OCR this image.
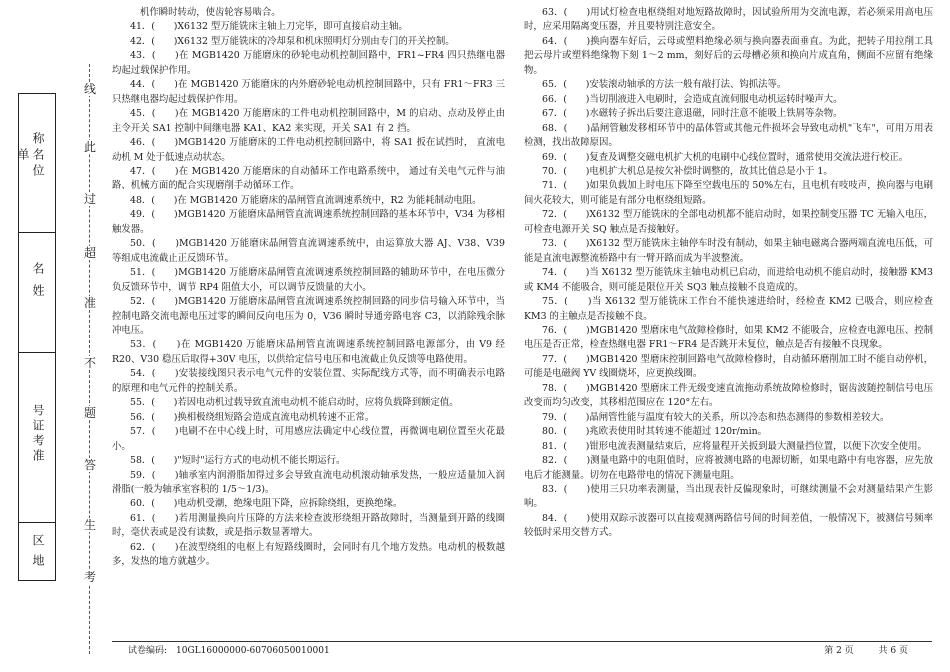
称名位单
名姓
号证考准
区地
线
此
过
超
准
不
题
答
生
考
机作瞬时转动，使齿轮容易啮合。
41．(　　)X6132 型万能铣床主轴上刀完毕，即可直接启动主轴。
42．(　　)X6132 型万能铣床的冷却泵和机床照明灯分别由专门的开关控制。
43．(　　)在 MGB1420 万能磨床的砂轮电动机控制回路中，FR1~FR4 四只热继电器均起过载保护作用。
44．(　　)在 MGB1420 万能磨床的内外磨砂轮电动机控制回路中，只有 FR1～FR3 三只热继电器均起过载保护作用。
45．(　　)在 MGB1420 万能磨床的工件电动机控制回路中，M 的启动、点动及停止由主令开关 SA1 控制中间继电器 KA1、KA2 来实现，开关 SA1 有 2 挡。
46．(　　)MGB1420 万能磨床的工件电动机控制回路中，将 SA1 扳在试挡时， 直流电动机 M 处于低速点动状态。
47．(　　)在 MGB1420 万能磨床的自动循环工作电路系统中， 通过有关电气元件与油路、机械方面的配合实现磨削手动循环工作。
48．(　　)在 MGB1420 万能磨床的晶闸管直流调速系统中，R2 为能耗制动电阻。
49．(　　)MGB1420 万能磨床晶闸管直流调速系统控制回路的基本环节中，V34 为移相触发器。
50．(　　)MGB1420 万能磨床晶闸管直流调速系统中，由运算放大器 AJ、V38、V39 等组成电流截止正反馈环节。
51．(　　)MGB1420 万能磨床晶闸管直流调速系统控制回路的辅助环节中，在电压微分负反馈环节中，调节 RP4 阻值大小，可以调节反馈量的大小。
52．(　　)MGB1420 万能磨床晶闸管直流调速系统控制回路的同步信号输入环节中，当控制电路交流电源电压过零的瞬间反向电压为 0，V36 瞬时导通旁路电容 C3，以消除残余脉冲电压。
53．(　　)在 MGB1420 万能磨床晶闸管直流调速系统控制回路电源部分，由 V9 经 R20、V30 稳压后取得+30V 电压，以供给定信号电压和电流截止负反馈等电路使用。
54．(　　)安装接线图只表示电气元件的安装位置、实际配线方式等，而不明确表示电路的原理和电气元件的控制关系。
55．(　　)若因电动机过载导致直流电动机不能启动时，应将负载降到额定值。
56．(　　)换相极绕组短路会造成直流电动机转速不正常。
57．(　　)电刷不在中心线上时，可用感应法确定中心线位置，再微调电刷位置至火花最小。
58．(　　)"短时"运行方式的电动机不能长期运行。
59．(　　)轴承室内润滑脂加得过多会导致直流电动机滚动轴承发热，一般应适量加入润滑脂(一般为轴承室容积的 1/5～1/3)。
60．(　　)电动机受潮，绝缘电阻下降，应拆除绕组，更换绝缘。
61．(　　)若用测量换向片压降的方法来检查波形绕组开路故障时，当测量到开路的线圈时，毫伏表或是没有读数，或是指示数显著增大。
62．(　　)在波型绕组的电枢上有短路线圈时，会同时有几个地方发热。电动机的极数越多，发热的地方就越少。
63．(　　)用试灯检查电枢绕组对地短路故障时，因试验所用为交流电源，若必须采用高电压时，应采用隔离变压器，并且要特别注意安全。
64．(　　)换向器车好后，云母或塑料绝缘必须与换向器表面垂直。为此，把转子用拉削工具把云母片或塑料绝缘物下刻 1～2 mm，刻好后的云母槽必须和换向片成直角，侧面不应留有绝缘物。
65．(　　)安装滚动轴承的方法一般有敲打法、钩抓法等。
66．(　　)当切削液进入电刷时，会造成直流伺服电动机运转时噪声大。
67．(　　)水磁转子拆出后要注意退磁，同时注意不能吸上铁屑等杂物。
68．(　　)晶闸管触发移相环节中的晶体管或其他元件损坏会导致电动机"飞车"，可用万用表检测，找出故障原因。
69．(　　)复查及调整交磁电机扩大机的电刷中心线位置时，通常使用交流法进行校正。
70．(　　)电机扩大机总是按欠补偿时调整的，故其比值总是小于 1。
71．(　　)如果负载加上时电压下降至空载电压的 50%左右，且电机有吱吱声，换向器与电刷间火花较大，则可能是有部分电枢绕组短路。
72．(　　)X6132 型万能铣床的全部电动机都不能启动时，如果控制变压器 TC 无输入电压，可检查电源开关 SQ 触点是否接触好。
73．(　　)X6132 型万能铣床主轴停车时没有制动，如果主轴电磁离合器两端直流电压低，可能是直流电源整流桥路中有一臂开路而成为半波整流。
74．(　　)当 X6132 型万能铣床主轴电动机已启动，而进给电动机不能启动时，接触器 KM3 或 KM4 不能吸合，则可能是限位开关 SQ3 触点接触不良造成的。
75．(　　)当 X6132 型万能铣床工作台不能快速进给时，经检查 KM2 已吸合，则应检查 KM3 的主触点是否接触不良。
76．(　　)MGB1420 型磨床电气故障检修时，如果 KM2 不能吸合，应检查电源电压、控制电压是否正常，检查热继电器 FR1～FR4 是否跳开未复位，触点是否有接触不良现象。
77．(　　)MGB1420 型磨床控制回路电气故障检修时，自动循环磨削加工时不能自动停机，可能是电磁阀 YV 线圈烧坏，应更换线圈。
78．(　　)MGB1420 型磨床工件无级变速直流拖动系统故障检修时，锯齿波随控制信号电压改变而均匀改变，其移相范围应在 120°左右。
79．(　　)晶闸管性能与温度有较大的关系，所以冷态和热态测得的参数相差较大。
80．(　　)兆欧表使用时其转速不能超过 120r/min。
81．(　　)钳形电流表测量结束后，应将量程开关扳到最大测量挡位置，以便下次安全使用。
82．(　　)测量电路中的电阻值时，应将被测电路的电源切断，如果电路中有电容器，应先放电后才能测量。切勿在电路带电的情况下测量电阻。
83．(　　)使用三只功率表测量，当出现表针反偏现象时，可继续测量不会对测量结果产生影响。
84．(　　)使用双踪示波器可以直接观测两路信号间的时间差值，一般情况下，被测信号频率较低时采用交替方式。
试卷编码:　10GL16000000-60706050010001	第 2 页	共 6 页
